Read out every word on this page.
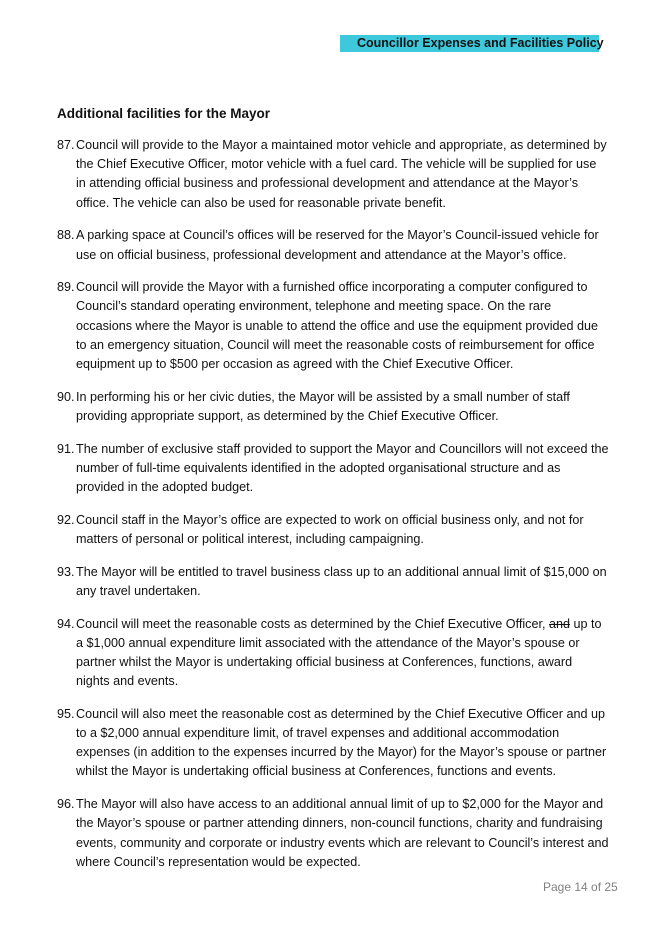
Councillor Expenses and Facilities Policy
Additional facilities for the Mayor
87. Council will provide to the Mayor a maintained motor vehicle and appropriate, as determined by the Chief Executive Officer, motor vehicle with a fuel card. The vehicle will be supplied for use in attending official business and professional development and attendance at the Mayor’s office. The vehicle can also be used for reasonable private benefit.
88. A parking space at Council’s offices will be reserved for the Mayor’s Council-issued vehicle for use on official business, professional development and attendance at the Mayor’s office.
89. Council will provide the Mayor with a furnished office incorporating a computer configured to Council’s standard operating environment, telephone and meeting space. On the rare occasions where the Mayor is unable to attend the office and use the equipment provided due to an emergency situation, Council will meet the reasonable costs of reimbursement for office equipment up to $500 per occasion as agreed with the Chief Executive Officer.
90. In performing his or her civic duties, the Mayor will be assisted by a small number of staff providing appropriate support, as determined by the Chief Executive Officer.
91. The number of exclusive staff provided to support the Mayor and Councillors will not exceed the number of full-time equivalents identified in the adopted organisational structure and as provided in the adopted budget.
92. Council staff in the Mayor’s office are expected to work on official business only, and not for matters of personal or political interest, including campaigning.
93. The Mayor will be entitled to travel business class up to an additional annual limit of $15,000 on any travel undertaken.
94. Council will meet the reasonable costs as determined by the Chief Executive Officer, and up to a $1,000 annual expenditure limit associated with the attendance of the Mayor’s spouse or partner whilst the Mayor is undertaking official business at Conferences, functions, award nights and events.
95. Council will also meet the reasonable cost as determined by the Chief Executive Officer and up to a $2,000 annual expenditure limit, of travel expenses and additional accommodation expenses (in addition to the expenses incurred by the Mayor) for the Mayor’s spouse or partner whilst the Mayor is undertaking official business at Conferences, functions and events.
96. The Mayor will also have access to an additional annual limit of up to $2,000 for the Mayor and the Mayor’s spouse or partner attending dinners, non-council functions, charity and fundraising events, community and corporate or industry events which are relevant to Council’s interest and where Council’s representation would be expected.
Page 14 of 25
